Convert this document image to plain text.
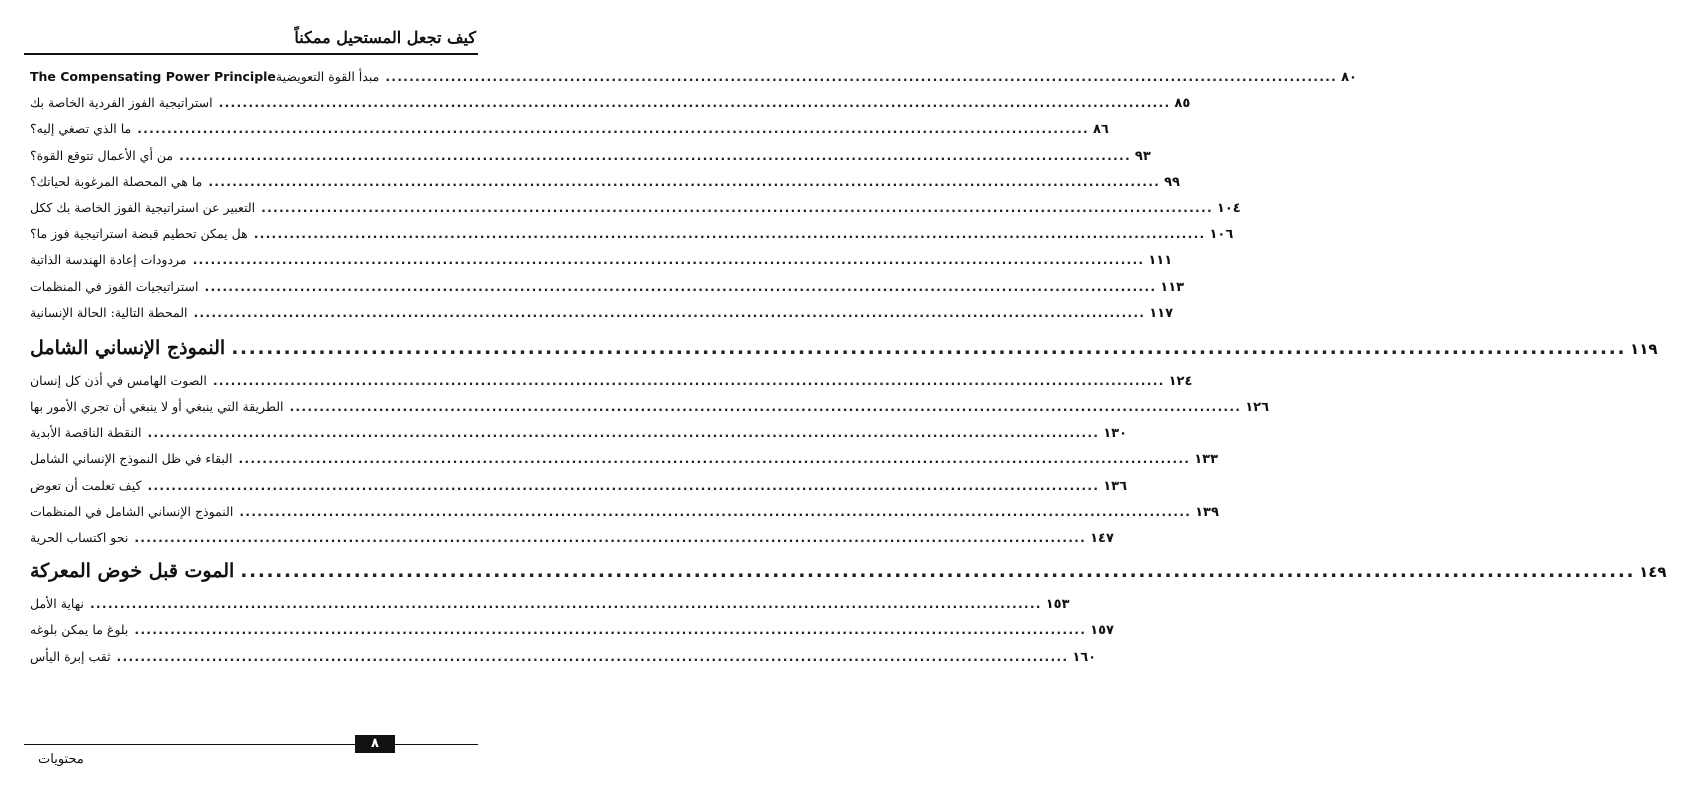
كيف تجعل المستحيل ممكناً
مبدأ القوة التعويضيةThe Compensating Power Principle	................................................................................................................................................................ ٨٠
استراتيجية الفوز الفردية الخاصة بك ................................................................................................................................................................ ٨٥
ما الذي تصغي إليه؟ ................................................................................................................................................................ ٨٦
من أي الأعمال تتوقع القوة؟ ................................................................................................................................................................ ٩٣
ما هي المحصلة المرغوبة لحياتك؟ ................................................................................................................................................................ ٩٩
التعبير عن استراتيجية الفوز الخاصة بك ككل ................................................................................................................................................................ ١٠٤
هل يمكن تحطيم قبضة استراتيجية فوز ما؟ ................................................................................................................................................................ ١٠٦
مردودات إعادة الهندسة الذاتية ................................................................................................................................................................ ١١١
استراتيجيات الفوز في المنظمات ................................................................................................................................................................ ١١٣
المحطة التالية: الحالة الإنسانية ................................................................................................................................................................ ١١٧
النموذج الإنساني الشامل ................................................................................................................................................................ ١١٩
الصوت الهامس في أذن كل إنسان ................................................................................................................................................................ ١٢٤
الطريقة التي ينبغي أو لا ينبغي أن تجري الأمور بها ................................................................................................................................................................ ١٢٦
النقطة الناقصة الأبدية ................................................................................................................................................................ ١٣٠
البقاء في ظل النموذج الإنساني الشامل ................................................................................................................................................................ ١٣٣
كيف تعلمت أن تعوض ................................................................................................................................................................ ١٣٦
النموذج الإنساني الشامل في المنظمات ................................................................................................................................................................ ١٣٩
نحو اكتساب الحرية ................................................................................................................................................................ ١٤٧
الموت قبل خوض المعركة ................................................................................................................................................................ ١٤٩
نهاية الأمل ................................................................................................................................................................ ١٥٣
بلوغ ما يمكن بلوغه ................................................................................................................................................................ ١٥٧
ثقب إبرة اليأس ................................................................................................................................................................ ١٦٠
٨
محتويات
